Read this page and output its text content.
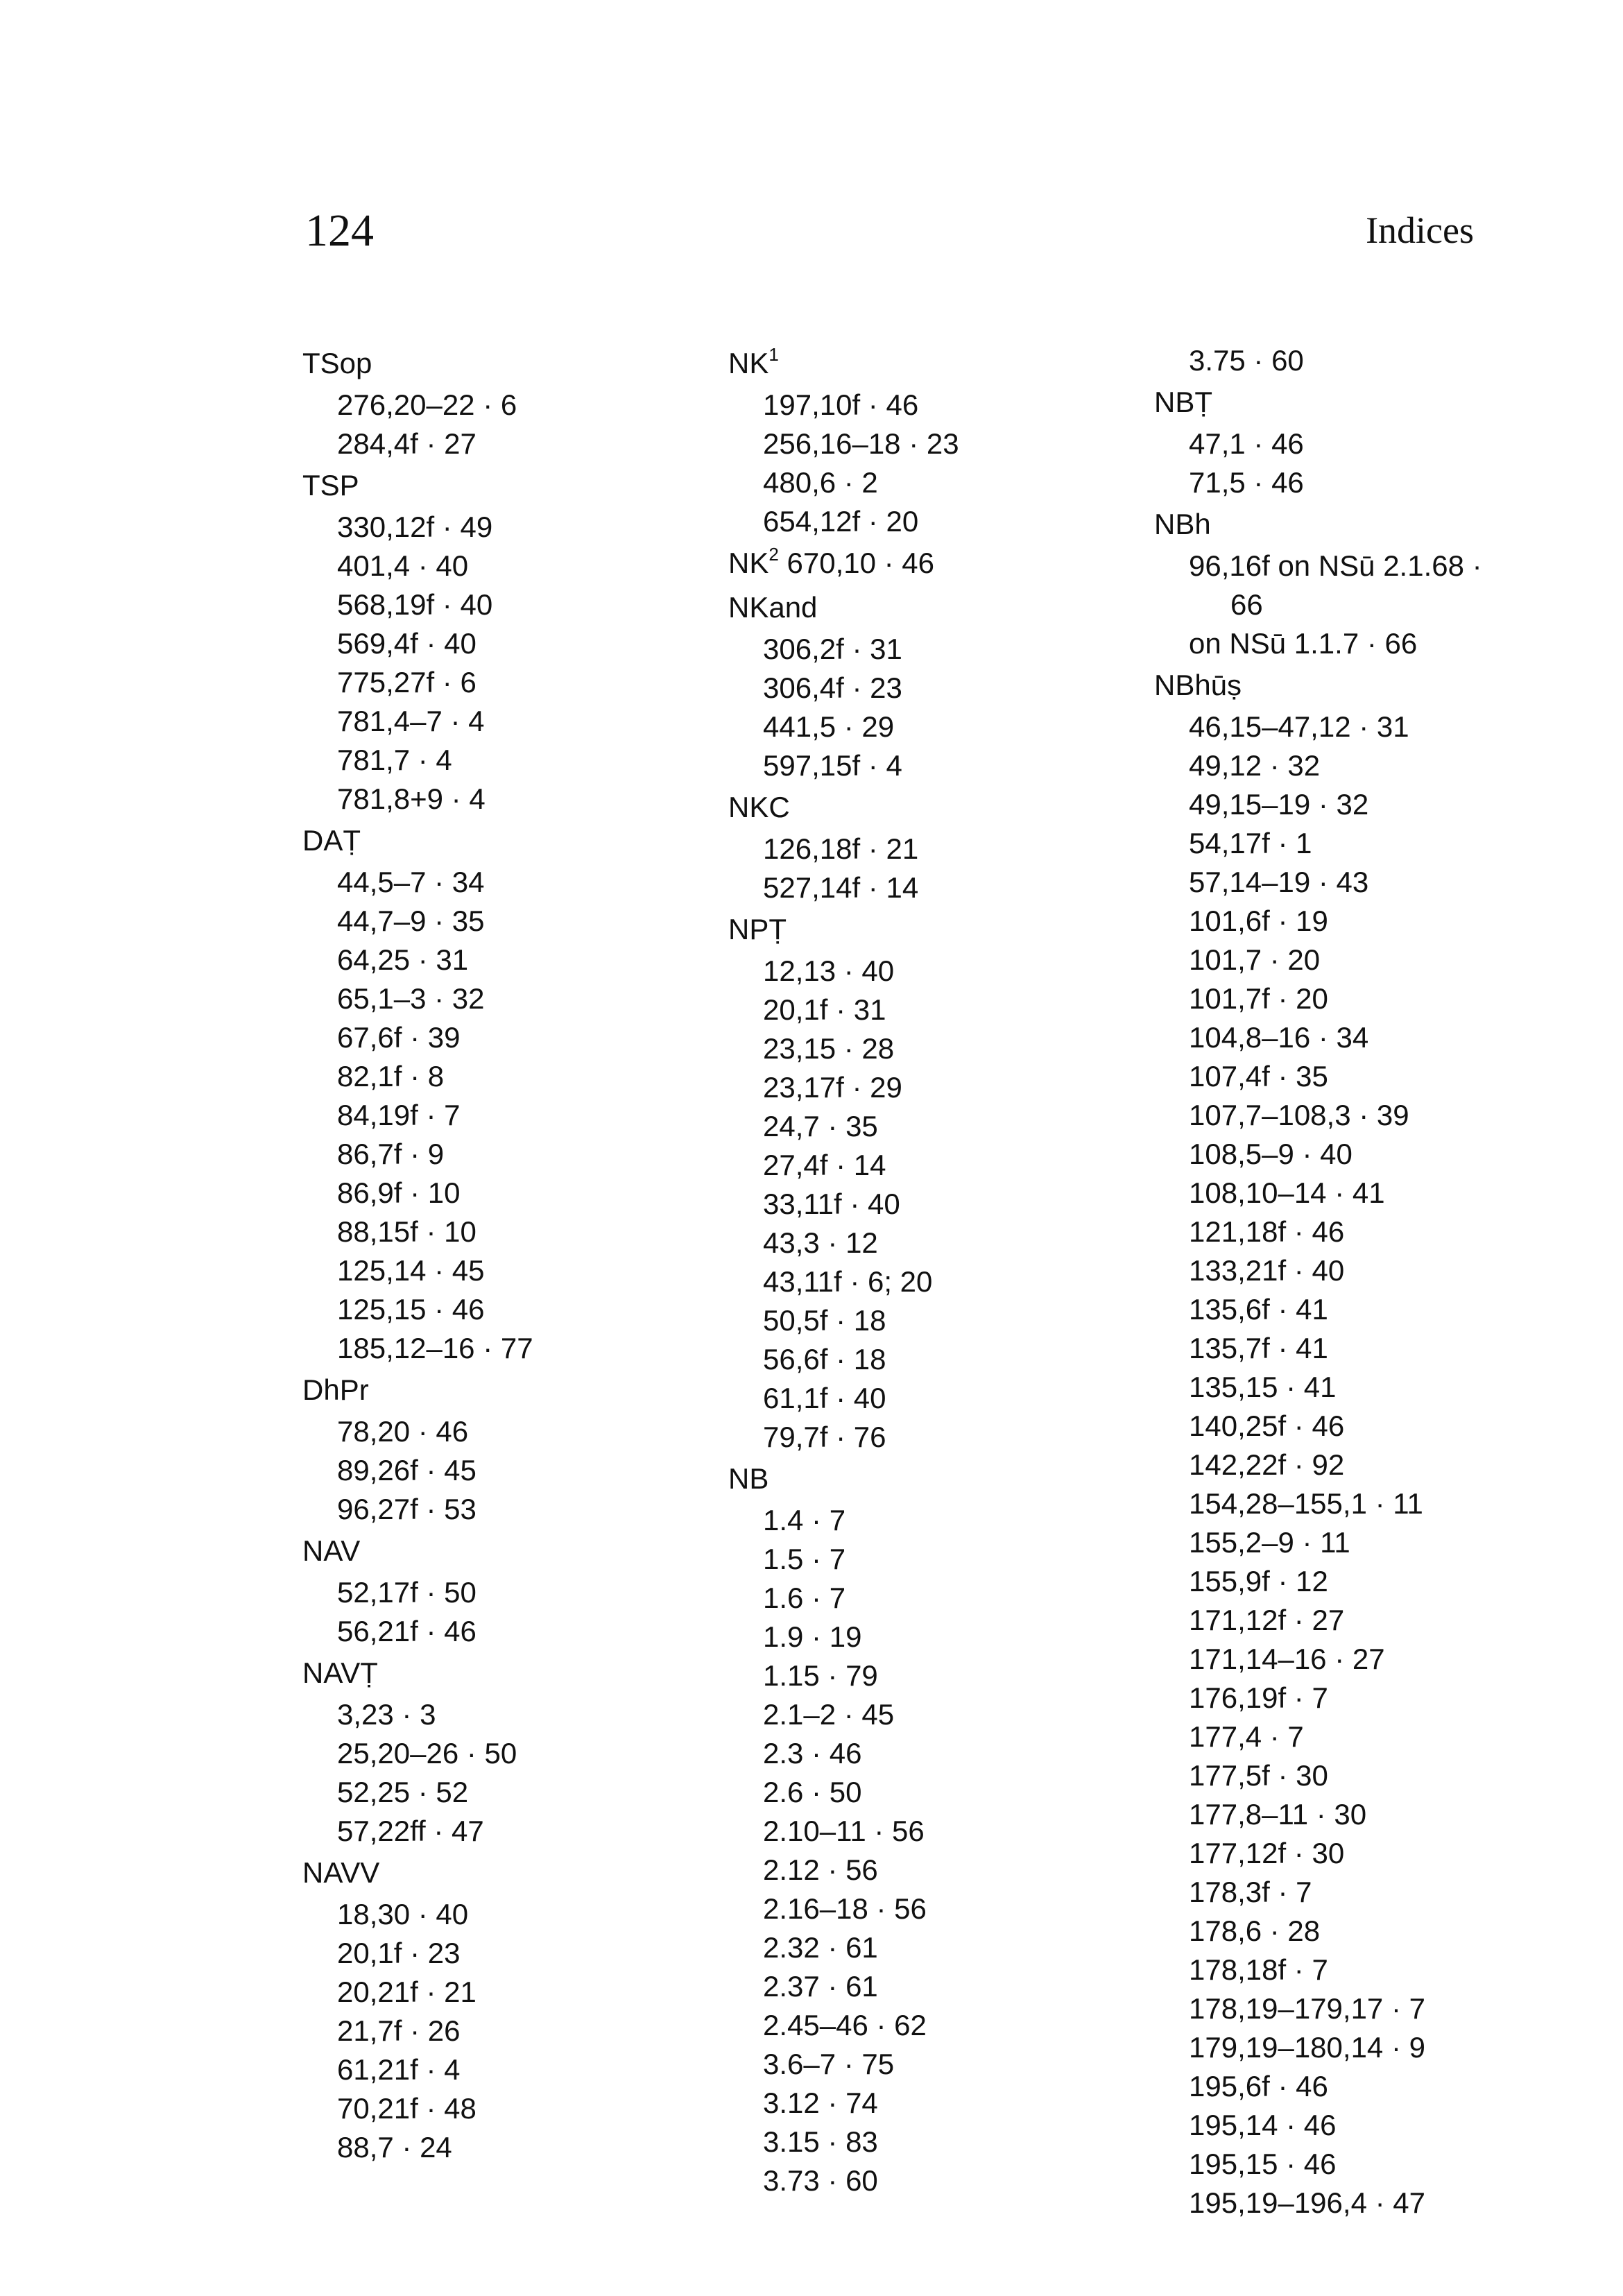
124	Indices
TSop
276,20–22 · 6
284,4f · 27
TSP
330,12f · 49
401,4 · 40
568,19f · 40
569,4f · 40
775,27f · 6
781,4–7 · 4
781,7 · 4
781,8+9 · 4
DAṬ
44,5–7 · 34
44,7–9 · 35
64,25 · 31
65,1–3 · 32
67,6f · 39
82,1f · 8
84,19f · 7
86,7f · 9
86,9f · 10
88,15f · 10
125,14 · 45
125,15 · 46
185,12–16 · 77
DhPr
78,20 · 46
89,26f · 45
96,27f · 53
NAV
52,17f · 50
56,21f · 46
NAVṬ
3,23 · 3
25,20–26 · 50
52,25 · 52
57,22ff · 47
NAVV
18,30 · 40
20,1f · 23
20,21f · 21
21,7f · 26
61,21f · 4
70,21f · 48
88,7 · 24
$NK^1$
197,10f · 46
256,16–18 · 23
480,6 · 2
654,12f · 20
$NK^2$ 670,10 · 46
NKand
306,2f · 31
306,4f · 23
441,5 · 29
597,15f · 4
NKC
126,18f · 21
527,14f · 14
NPṬ
12,13 · 40
20,1f · 31
23,15 · 28
23,17f · 29
24,7 · 35
27,4f · 14
33,11f · 40
43,3 · 12
43,11f · 6; 20
50,5f · 18
56,6f · 18
61,1f · 40
79,7f · 76
NB
1.4 · 7
1.5 · 7
1.6 · 7
1.9 · 19
1.15 · 79
2.1–2 · 45
2.3 · 46
2.6 · 50
2.10–11 · 56
2.12 · 56
2.16–18 · 56
2.32 · 61
2.37 · 61
2.45–46 · 62
3.6–7 · 75
3.12 · 74
3.15 · 83
3.73 · 60
3.75 · 60
NBṬ
47,1 · 46
71,5 · 46
NBh
96,16f on NSū 2.1.68 ·
66
on NSū 1.1.7 · 66
NBhūṣ
46,15–47,12 · 31
49,12 · 32
49,15–19 · 32
54,17f · 1
57,14–19 · 43
101,6f · 19
101,7 · 20
101,7f · 20
104,8–16 · 34
107,4f · 35
107,7–108,3 · 39
108,5–9 · 40
108,10–14 · 41
121,18f · 46
133,21f · 40
135,6f · 41
135,7f · 41
135,15 · 41
140,25f · 46
142,22f · 92
154,28–155,1 · 11
155,2–9 · 11
155,9f · 12
171,12f · 27
171,14–16 · 27
176,19f · 7
177,4 · 7
177,5f · 30
177,8–11 · 30
177,12f · 30
178,3f · 7
178,6 · 28
178,18f · 7
178,19–179,17 · 7
179,19–180,14 · 9
195,6f · 46
195,14 · 46
195,15 · 46
195,19–196,4 · 47
